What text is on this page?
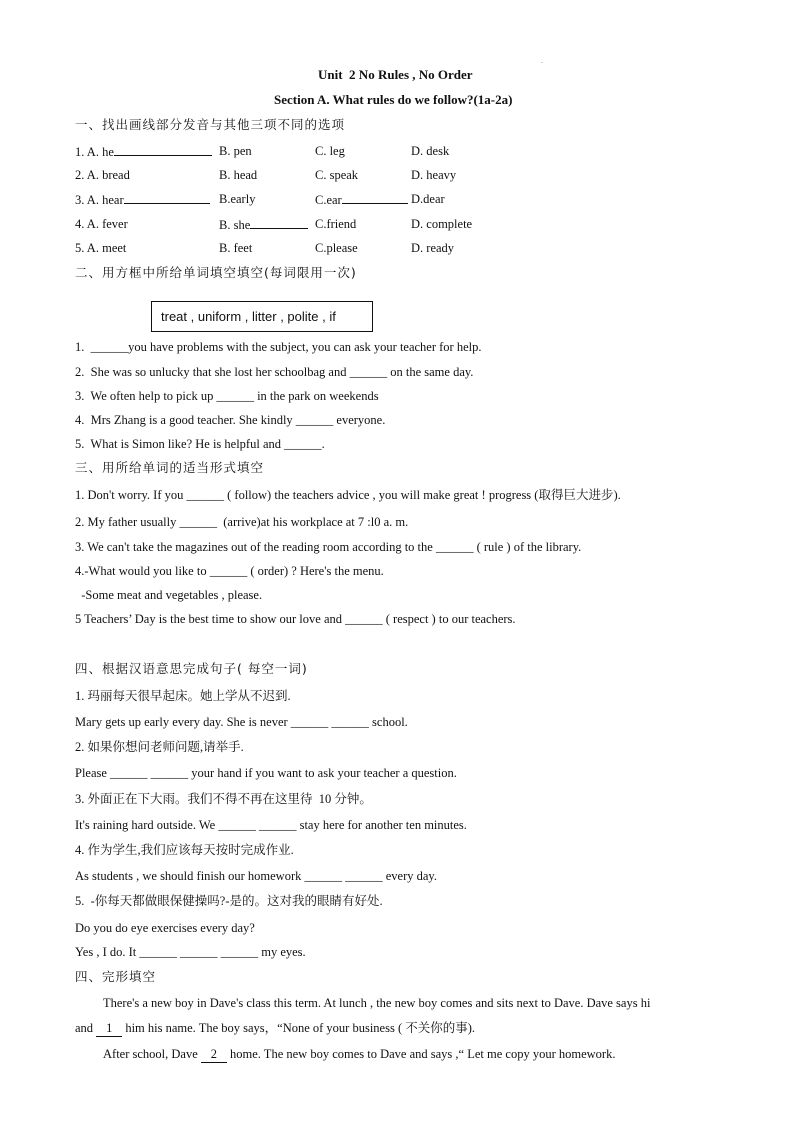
.
Unit  2 No Rules , No Order
Section A. What rules do we follow?(1a-2a)
一、找出画线部分发音与其他三项不同的选项
1. A. he	B. pen	C. leg	D. desk
2. A. bread	B. head	C. speak	D. heavy
3. A. hear	B.early	C.ear	D.dear
4. A. fever	B. she	C.friend	D. complete
5. A. meet	B. feet	C.please	D. ready
二、用方框中所给单词填空填空(每词限用一次)
treat , uniform , litter , polite , if
1.  ______you have problems with the subject, you can ask your teacher for help.
2.  She was so unlucky that she lost her schoolbag and ______ on the same day.
3.  We often help to pick up ______ in the park on weekends
4.  Mrs Zhang is a good teacher. She kindly ______ everyone.
5.  What is Simon like? He is helpful and ______.
三、用所给单词的适当形式填空
1. Don't worry. If you ______ ( follow) the teachers advice , you will make great ! progress (取得巨大进步).
2. My father usually ______  (arrive)at his workplace at 7 :l0 a. m.
3. We can't take the magazines out of the reading room according to the ______ ( rule ) of the library.
4.-What would you like to ______ ( order) ? Here's the menu.
-Some meat and vegetables , please.
5 Teachers’ Day is the best time to show our love and ______ ( respect ) to our teachers.
四、根据汉语意思完成句子( 每空一词)
1. 玛丽每天很早起床。她上学从不迟到.
Mary gets up early every day. She is never ______ ______ school.
2. 如果你想问老师问题,请举手.
Please ______ ______ your hand if you want to ask your teacher a question.
3. 外面正在下大雨。我们不得不再在这里待  10 分钟。
It's raining hard outside. We ______ ______ stay here for another ten minutes.
4. 作为学生,我们应该每天按时完成作业.
As students , we should finish our homework ______ ______ every day.
5.  -你每天都做眼保健操吗?-是的。这对我的眼睛有好处.
Do you do eye exercises every day?
Yes , I do. It ______ ______ ______ my eyes.
四、完形填空
There's a new boy in Dave's class this term. At lunch , the new boy comes and sits next to Dave. Dave says hi
and 1 him his name. The boy says，“None of your business ( 不关你的事).
After school, Dave 2 home. The new boy comes to Dave and says ,“ Let me copy your homework.
